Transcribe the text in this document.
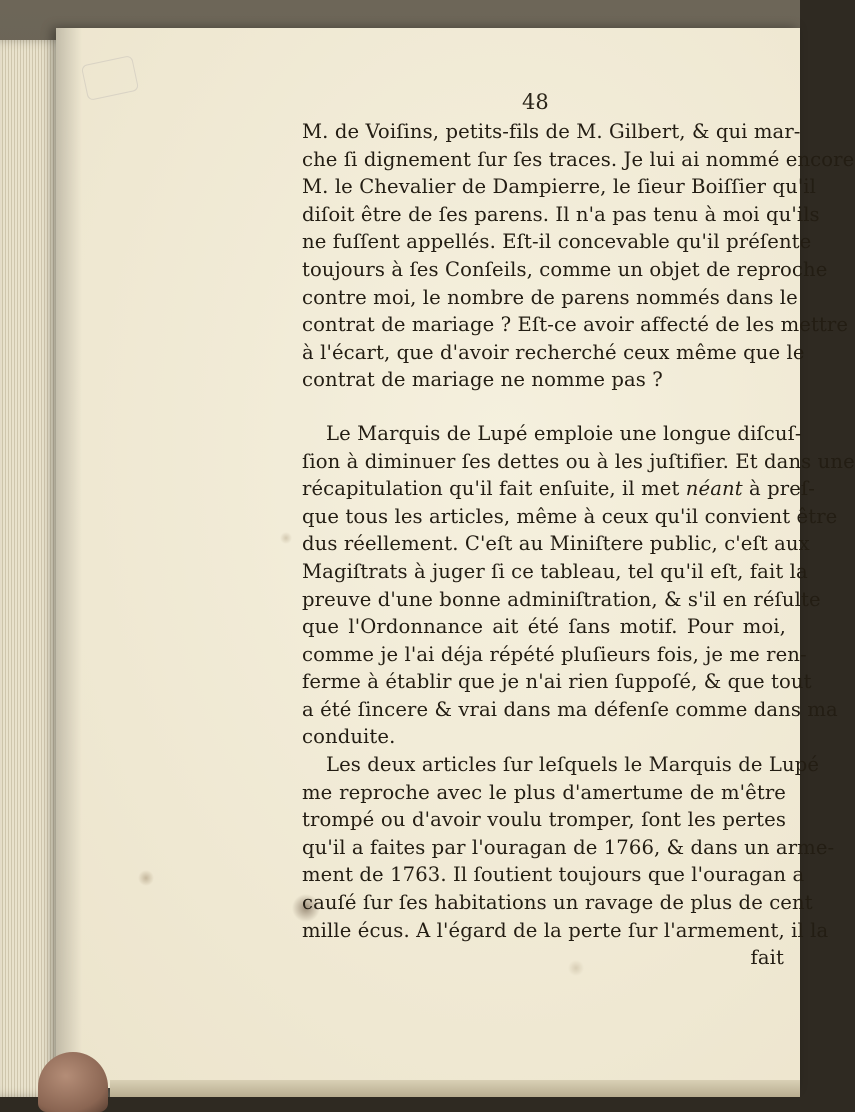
48

M. de Voiſins, petits-fils de M. Gilbert, & qui mar-
che ſi dignement ſur ſes traces. Je lui ai nommé encore
M. le Chevalier de Dampierre, le ſieur Boiſſier qu'il
diſoit être de ſes parens. Il n'a pas tenu à moi qu'ils
ne fuſſent appellés. Eſt-il concevable qu'il préſente
toujours à ſes Conſeils, comme un objet de reproche
contre moi, le nombre de parens nommés dans le
contrat de mariage ? Eſt-ce avoir affecté de les mettre
à l'écart, que d'avoir recherché ceux même que le
contrat de mariage ne nomme pas ?

Le Marquis de Lupé emploie une longue diſcuſ-
ſion à diminuer ſes dettes ou à les juſtifier. Et dans une
récapitulation qu'il fait enſuite, il met néant à preſ-
que tous les articles, même à ceux qu'il convient être
dus réellement. C'eſt au Miniſtere public, c'eſt aux
Magiſtrats à juger ſi ce tableau, tel qu'il eſt, fait la
preuve d'une bonne adminiſtration, & s'il en réſulte
que l'Ordonnance ait été ſans motif. Pour moi,
comme je l'ai déja répété pluſieurs fois, je me ren-
ferme à établir que je n'ai rien ſuppoſé, & que tout
a été ſincere & vrai dans ma défenſe comme dans ma
conduite.

Les deux articles ſur leſquels le Marquis de Lupé
me reproche avec le plus d'amertume de m'être
trompé ou d'avoir voulu tromper, ſont les pertes
qu'il a faites par l'ouragan de 1766, & dans un arme-
ment de 1763. Il ſoutient toujours que l'ouragan a
cauſé ſur ſes habitations un ravage de plus de cent
mille écus. A l'égard de la perte ſur l'armement, il la

fait
